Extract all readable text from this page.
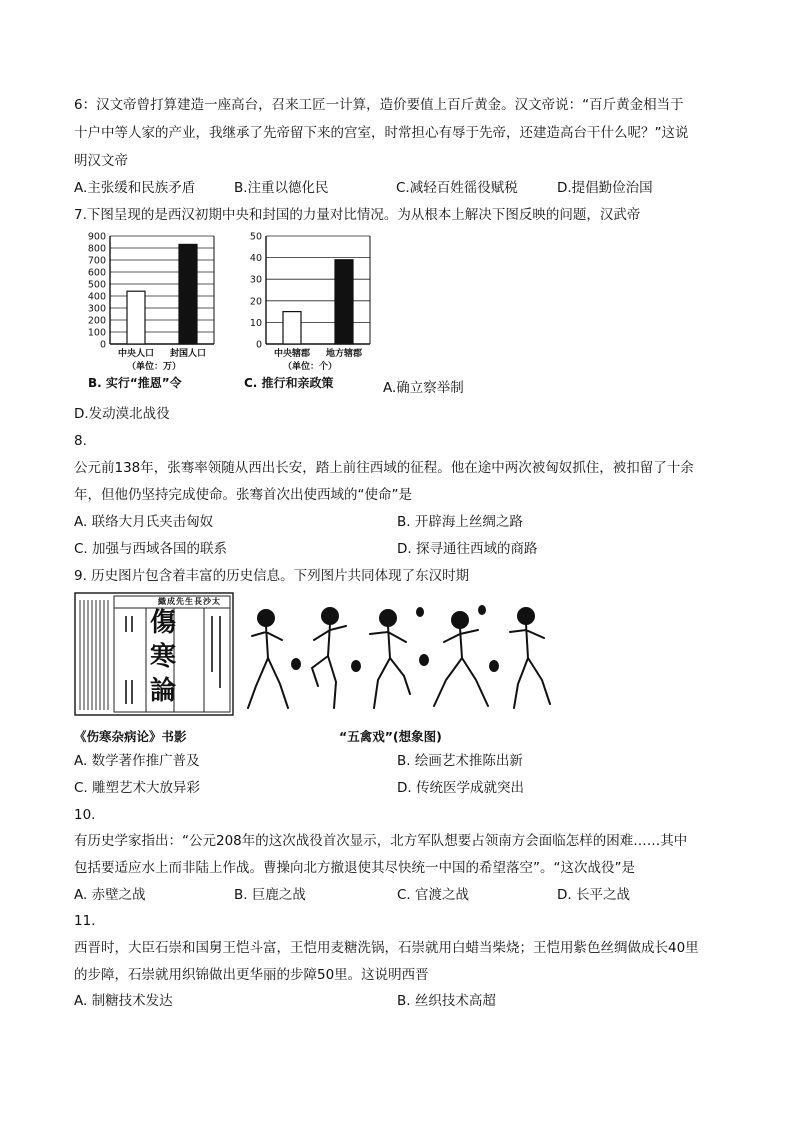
6：汉文帝曾打算建造一座高台，召来工匠一计算，造价要值上百斤黄金。汉文帝说：“百斤黄金相当于
十户中等人家的产业，我继承了先帝留下来的宫室，时常担心有辱于先帝，还建造高台干什么呢？”这说
明汉文帝
A.主张缓和民族矛盾	B.注重以德化民	C.减轻百姓徭役赋税	D.提倡勤俭治国
7.下图呈现的是西汉初期中央和封国的力量对比情况。为从根本上解决下图反映的问题，汉武帝
0
100
200
300
400
500
600
700
800
900
中央人口 封国人口
（单位：万）
B. 实行“推恩”令
0
10
20
30
40
50
中央辖郡 地方辖郡
（单位：个）
C. 推行和亲政策	A.确立察举制
D.发动漠北战役
8.
公元前138年，张骞率领随从西出长安，踏上前往西域的征程。他在途中两次被匈奴抓住，被扣留了十余
年，但他仍坚持完成使命。张骞首次出使西域的“使命”是
A. 联络大月氏夹击匈奴	B. 开辟海上丝绸之路
C. 加强与西域各国的联系	D. 探寻通往西域的商路
9. 历史图片包含着丰富的历史信息。下列图片共同体现了东汉时期
織成先生長沙太
傷
寒
論
《伤寒杂病论》书影	“五禽戏”(想象图)
A. 数学著作推广普及	B. 绘画艺术推陈出新
C. 雕塑艺术大放异彩	D. 传统医学成就突出
10.
有历史学家指出：“公元208年的这次战役首次显示，北方军队想要占领南方会面临怎样的困难……其中
包括要适应水上而非陆上作战。曹操向北方撤退使其尽快统一中国的希望落空”。“这次战役”是
A. 赤壁之战	B. 巨鹿之战	C. 官渡之战	D. 长平之战
11.
西晋时，大臣石崇和国舅王恺斗富，王恺用麦糖洗锅，石崇就用白蜡当柴烧；王恺用紫色丝绸做成长40里
的步障，石崇就用织锦做出更华丽的步障50里。这说明西晋
A. 制糖技术发达	B. 丝织技术高超
